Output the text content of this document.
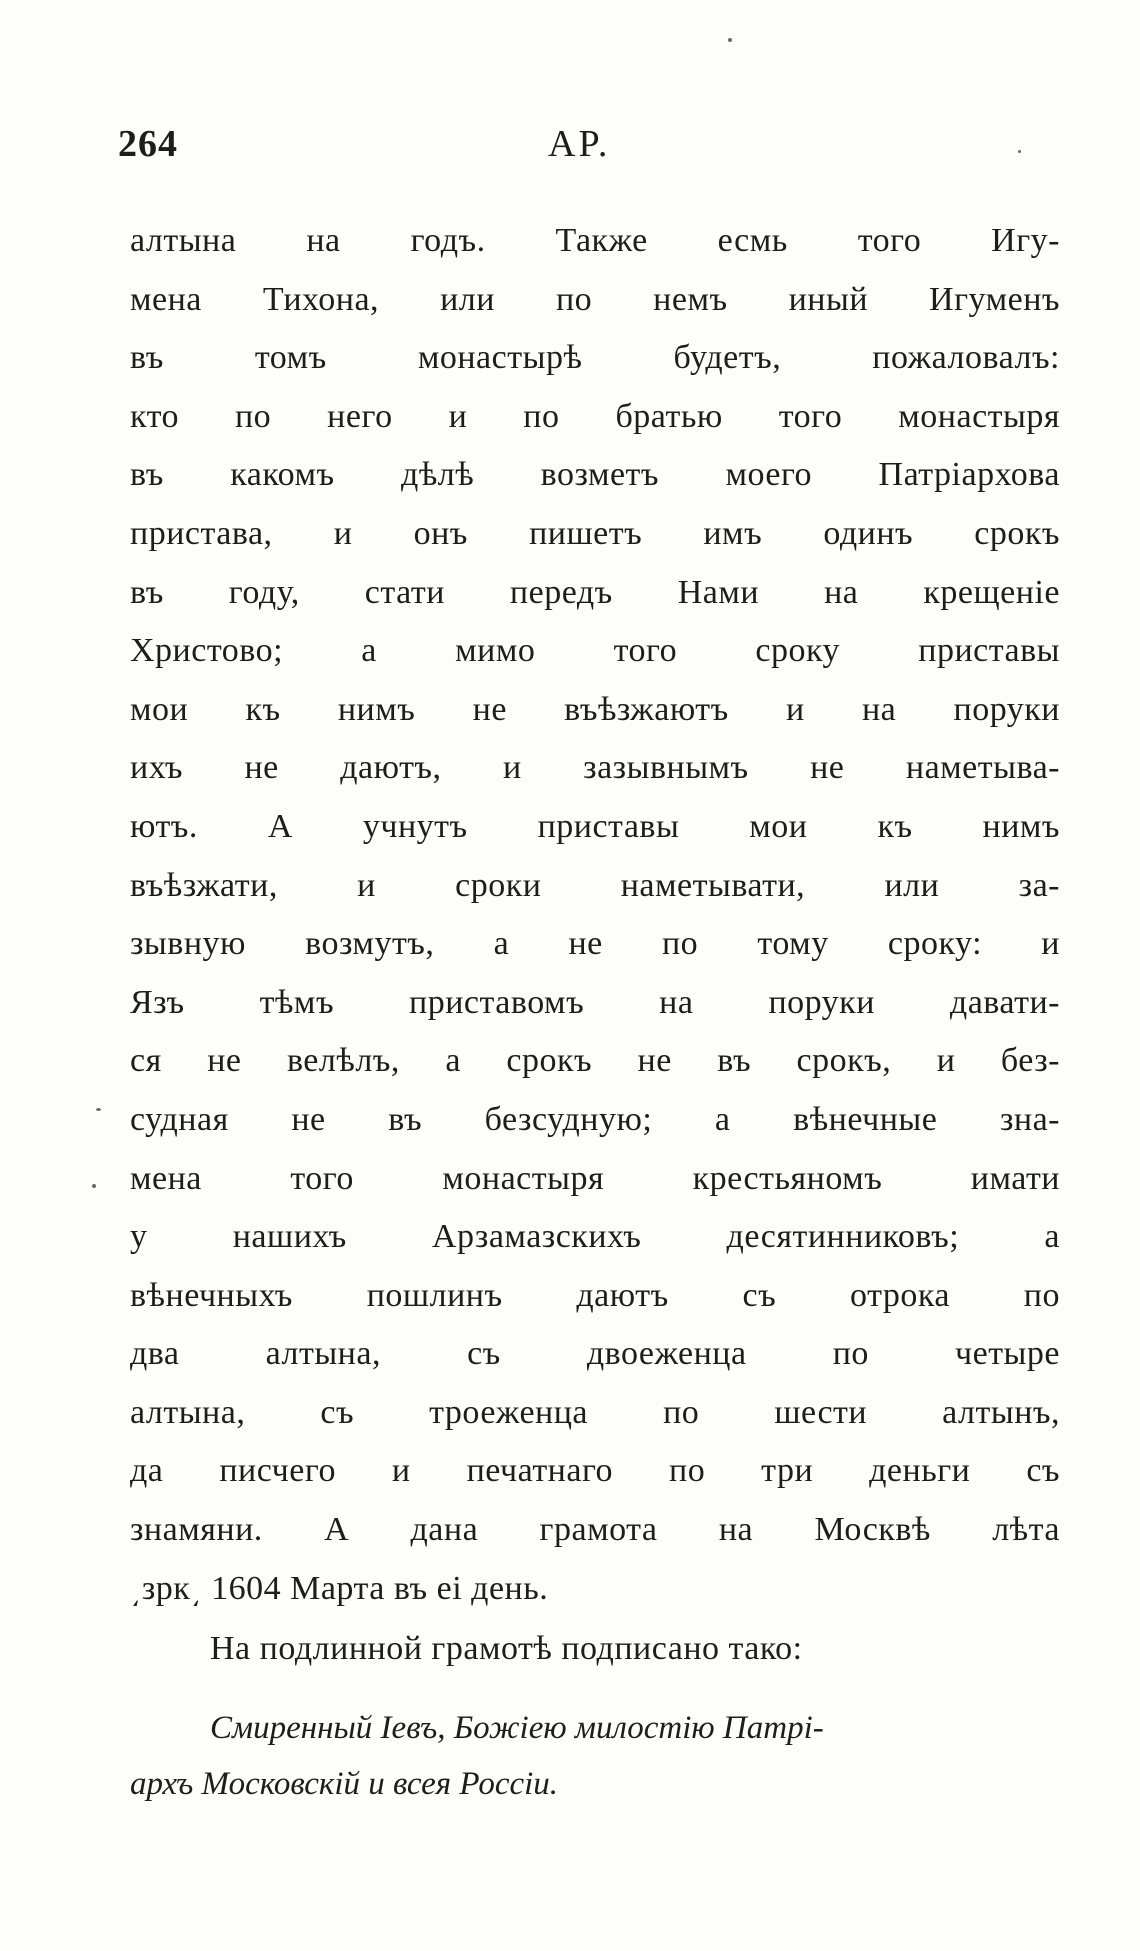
264	АР.
алтына на годъ. Также есмь того Игу-
мена Тихона, или по немъ иный Игуменъ
въ томъ монастырѣ будетъ, пожаловалъ:
кто по него и по братью того монастыря
въ какомъ дѣлѣ возметъ моего Патріархова
пристава, и онъ пишетъ имъ одинъ срокъ
въ году, стати передъ Нами на крещеніе
Христово; а мимо того сроку приставы
мои къ нимъ не въѣзжаютъ и на поруки
ихъ не даютъ, и зазывнымъ не наметыва-
ютъ. А учнутъ приставы мои къ нимъ
въѣзжати, и сроки наметывати, или за-
зывную возмутъ, а не по тому сроку: и
Язъ тѣмъ приставомъ на поруки давати-
ся не велѣлъ, а срокъ не въ срокъ, и без-
судная не въ безсудную; а вѣнечные зна-
мена того монастыря крестьяномъ имати
у нашихъ Арзамазскихъ десятинниковъ; а
вѣнечныхъ пошлинъ даютъ съ отрока по
два алтына, съ двоеженца по четыре
алтына, съ троеженца по шести алтынъ,
да писчего и печатнаго по три деньги съ
знамяни. А дана грамота на Москвѣ лѣта
͵зрк͵ 1604 Марта въ еі день.
На подлинной грамотѣ подписано тако:
Смиренный Іевъ, Божіею милостію Патрі-
архъ Московскій и всея Россіи.
